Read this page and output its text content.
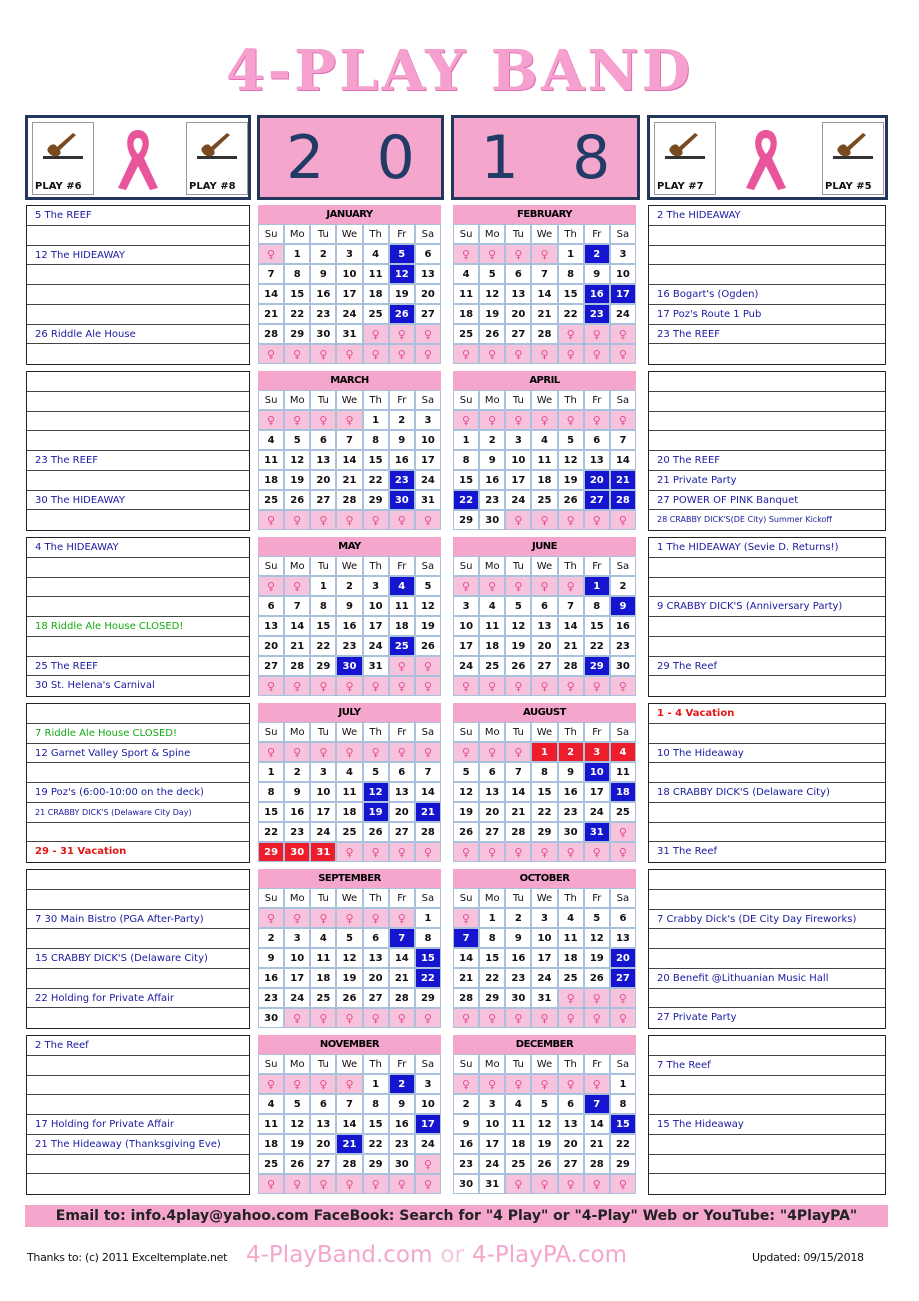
4-PLAY BAND
PLAY #6	PLAY #8 2 0 1 8	PLAY #7	PLAY #5
5 The REEF
12 The HIDEAWAY
26 Riddle Ale House
JANUARY						
Su	Mo	Tu	We	Th	Fr	Sa
♀	1	2	3	4	5	6
7	8	9	10	11	12	13
14	15	16	17	18	19	20
21	22	23	24	25	26	27
28	29	30	31	♀	♀	♀
♀	♀	♀	♀	♀	♀	♀
FEBRUARY						
Su	Mo	Tu	We	Th	Fr	Sa
♀	♀	♀	♀	1	2	3
4	5	6	7	8	9	10
11	12	13	14	15	16	17
18	19	20	21	22	23	24
25	26	27	28	♀	♀	♀
♀	♀	♀	♀	♀	♀	♀
2 The HIDEAWAY
16 Bogart's (Ogden)
17 Poz's Route 1 Pub
23 The REEF
23 The REEF
30 The HIDEAWAY
MARCH						
Su	Mo	Tu	We	Th	Fr	Sa
♀	♀	♀	♀	1	2	3
4	5	6	7	8	9	10
11	12	13	14	15	16	17
18	19	20	21	22	23	24
25	26	27	28	29	30	31
♀	♀	♀	♀	♀	♀	♀
APRIL						
Su	Mo	Tu	We	Th	Fr	Sa
♀	♀	♀	♀	♀	♀	♀
1	2	3	4	5	6	7
8	9	10	11	12	13	14
15	16	17	18	19	20	21
22	23	24	25	26	27	28
29	30	♀	♀	♀	♀	♀
20 The REEF
21 Private Party
27 POWER OF PINK Banquet
28 CRABBY DICK'S(DE City) Summer Kickoff
4 The HIDEAWAY
18 Riddle Ale House CLOSED!
25 The REEF
30 St. Helena's Carnival
MAY						
Su	Mo	Tu	We	Th	Fr	Sa
♀	♀	1	2	3	4	5
6	7	8	9	10	11	12
13	14	15	16	17	18	19
20	21	22	23	24	25	26
27	28	29	30	31	♀	♀
♀	♀	♀	♀	♀	♀	♀
JUNE						
Su	Mo	Tu	We	Th	Fr	Sa
♀	♀	♀	♀	♀	1	2
3	4	5	6	7	8	9
10	11	12	13	14	15	16
17	18	19	20	21	22	23
24	25	26	27	28	29	30
♀	♀	♀	♀	♀	♀	♀
1 The HIDEAWAY (Sevie D. Returns!)
9 CRABBY DICK'S (Anniversary Party)
29 The Reef
7 Riddle Ale House CLOSED!
12 Garnet Valley Sport & Spine
19 Poz's (6:00-10:00 on the deck)
21 CRABBY DICK'S (Delaware City Day)
29 - 31 Vacation
JULY						
Su	Mo	Tu	We	Th	Fr	Sa
♀	♀	♀	♀	♀	♀	♀
1	2	3	4	5	6	7
8	9	10	11	12	13	14
15	16	17	18	19	20	21
22	23	24	25	26	27	28
29	30	31	♀	♀	♀	♀
AUGUST						
Su	Mo	Tu	We	Th	Fr	Sa
♀	♀	♀	1	2	3	4
5	6	7	8	9	10	11
12	13	14	15	16	17	18
19	20	21	22	23	24	25
26	27	28	29	30	31	♀
♀	♀	♀	♀	♀	♀	♀
1 - 4 Vacation
10 The Hideaway
18 CRABBY DICK'S (Delaware City)
31 The Reef
7 30 Main Bistro (PGA After-Party)
15 CRABBY DICK'S (Delaware City)
22 Holding for Private Affair
SEPTEMBER						
Su	Mo	Tu	We	Th	Fr	Sa
♀	♀	♀	♀	♀	♀	1
2	3	4	5	6	7	8
9	10	11	12	13	14	15
16	17	18	19	20	21	22
23	24	25	26	27	28	29
30	♀	♀	♀	♀	♀	♀
OCTOBER						
Su	Mo	Tu	We	Th	Fr	Sa
♀	1	2	3	4	5	6
7	8	9	10	11	12	13
14	15	16	17	18	19	20
21	22	23	24	25	26	27
28	29	30	31	♀	♀	♀
♀	♀	♀	♀	♀	♀	♀
7 Crabby Dick's (DE City Day Fireworks)
20 Benefit @Lithuanian Music Hall
27 Private Party
2 The Reef
17 Holding for Private Affair
21 The Hideaway (Thanksgiving Eve)
NOVEMBER						
Su	Mo	Tu	We	Th	Fr	Sa
♀	♀	♀	♀	1	2	3
4	5	6	7	8	9	10
11	12	13	14	15	16	17
18	19	20	21	22	23	24
25	26	27	28	29	30	♀
♀	♀	♀	♀	♀	♀	♀
DECEMBER						
Su	Mo	Tu	We	Th	Fr	Sa
♀	♀	♀	♀	♀	♀	1
2	3	4	5	6	7	8
9	10	11	12	13	14	15
16	17	18	19	20	21	22
23	24	25	26	27	28	29
30	31	♀	♀	♀	♀	♀
7 The Reef
15 The Hideaway
Email to: info.4play@yahoo.com FaceBook: Search for "4 Play" or "4-Play" Web or YouTube: "4PlayPA"
Thanks to: (c) 2011 Exceltemplate.net 4-PlayBand.com or 4-PlayPA.com	Updated: 09/15/2018
